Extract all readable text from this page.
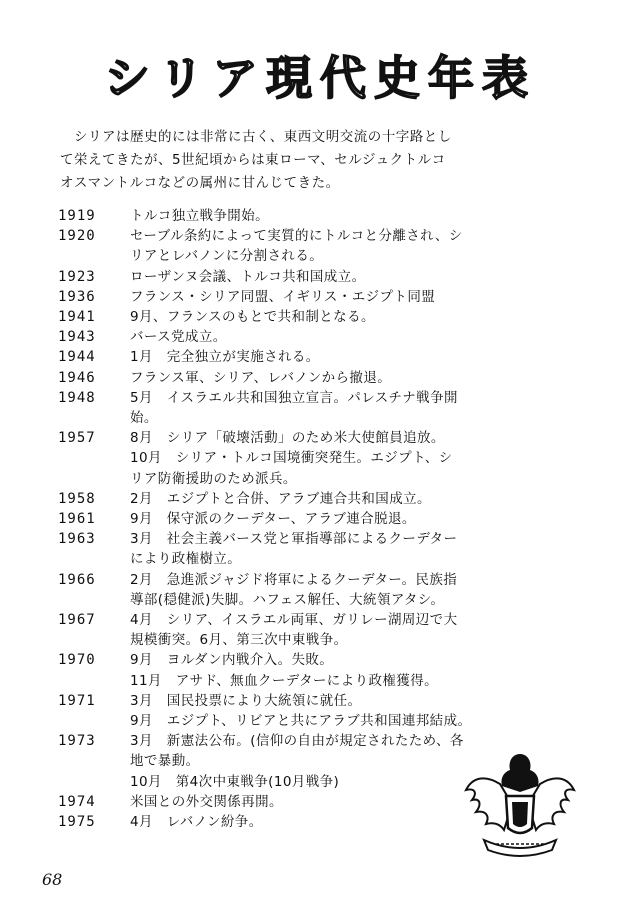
シリア現代史年表

　シリアは歴史的には非常に古く、東西文明交流の十字路とし

て栄えてきたが、5世紀頃からは東ローマ、セルジュクトルコ

オスマントルコなどの属州に甘んじてきた。

1919	トルコ独立戦争開始。
1920	セーブル条約によって実質的にトルコと分離され、シ
リアとレバノンに分割される。
1923	ローザンヌ会議、トルコ共和国成立。
1936	フランス・シリア同盟、イギリス・エジプト同盟
1941	9月、フランスのもとで共和制となる。
1943	バース党成立。
1944	1月　完全独立が実施される。
1946	フランス軍、シリア、レバノンから撤退。
1948	5月　イスラエル共和国独立宣言。パレスチナ戦争開
始。
1957	8月　シリア「破壊活動」のため米大使館員追放。
10月　シリア・トルコ国境衝突発生。エジプト、シ
リア防衛援助のため派兵。
1958	2月　エジプトと合併、アラブ連合共和国成立。
1961	9月　保守派のクーデター、アラブ連合脱退。
1963	3月　社会主義バース党と軍指導部によるクーデター
により政権樹立。
1966	2月　急進派ジャジド将軍によるクーデター。民族指
導部(穏健派)失脚。ハフェス解任、大統領アタシ。
1967	4月　シリア、イスラエル両軍、ガリレー湖周辺で大
規模衝突。6月、第三次中東戦争。
1970	9月　ヨルダン内戦介入。失敗。
11月　アサド、無血クーデターにより政権獲得。
1971	3月　国民投票により大統領に就任。
9月　エジプト、リビアと共にアラブ共和国連邦結成。
1973	3月　新憲法公布。(信仰の自由が規定されたため、各
地で暴動。
10月　第4次中東戦争(10月戦争)
1974	米国との外交関係再開。
1975	4月　レバノン紛争。
68
